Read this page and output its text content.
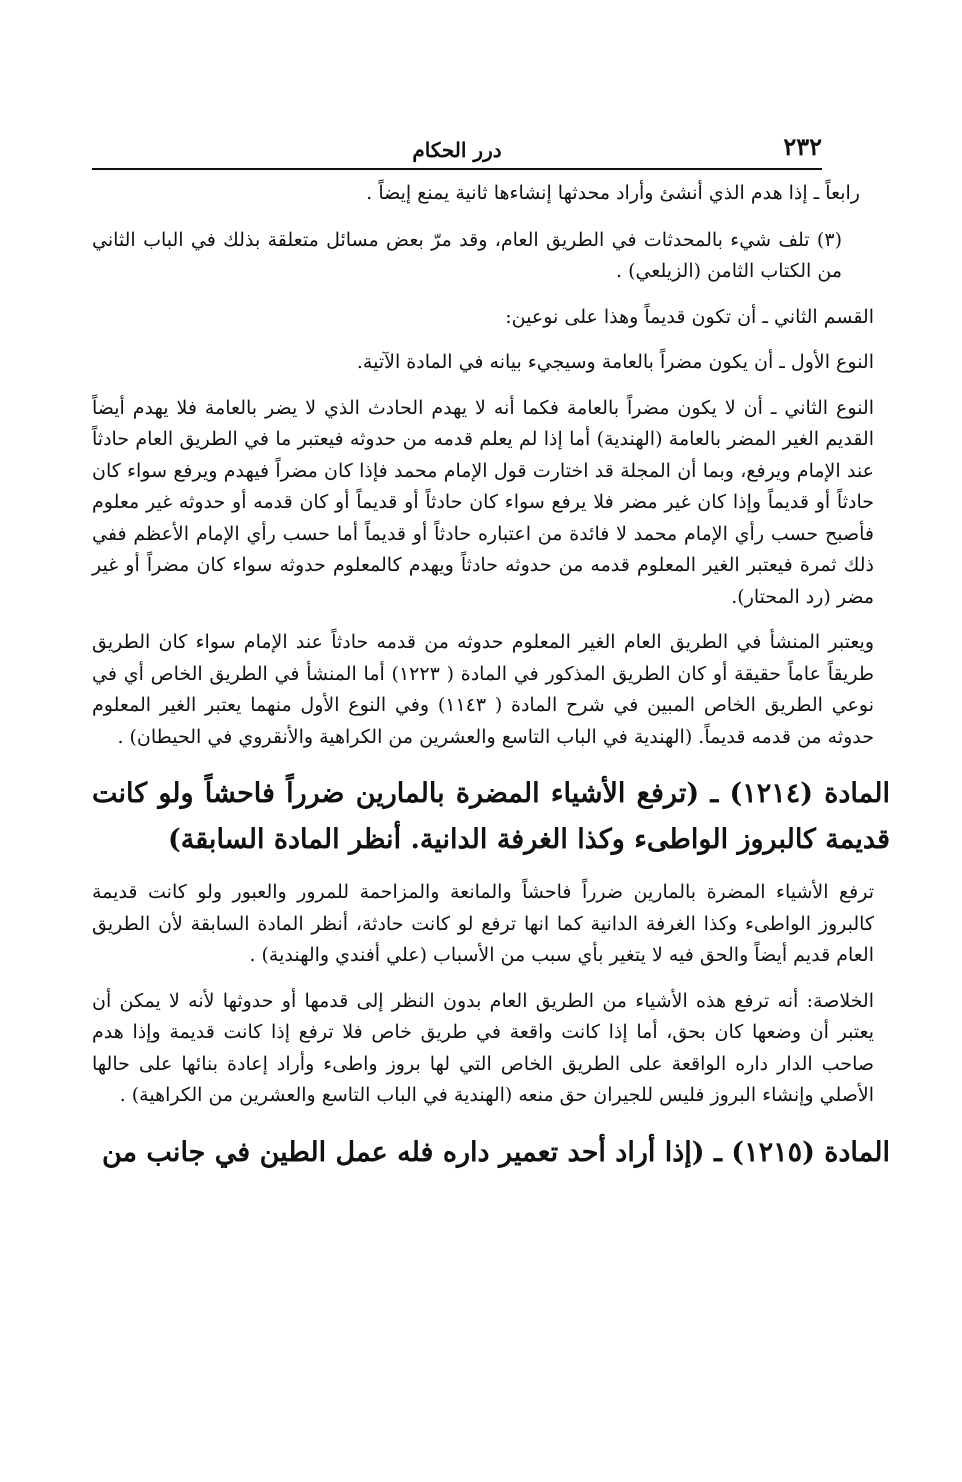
٢٣٢
درر الحكام

رابعاً ـ إذا هدم الذي أنشئ وأراد محدثها إنشاءها ثانية يمنع إيضاً .

(٣) تلف شيء بالمحدثات في الطريق العام، وقد مرّ بعض مسائل متعلقة بذلك في الباب الثاني من الكتاب الثامن (الزيلعي) .

القسم الثاني ـ أن تكون قديماً وهذا على نوعين:

النوع الأول ـ أن يكون مضراً بالعامة وسيجيء بيانه في المادة الآتية.

النوع الثاني ـ أن لا يكون مضراً بالعامة فكما أنه لا يهدم الحادث الذي لا يضر بالعامة فلا يهدم أيضاً القديم الغير المضر بالعامة (الهندية) أما إذا لم يعلم قدمه من حدوثه فيعتبر ما في الطريق العام حادثاً عند الإمام ويرفع، وبما أن المجلة قد اختارت قول الإمام محمد فإذا كان مضراً فيهدم ويرفع سواء كان حادثاً أو قديماً وإذا كان غير مضر فلا يرفع سواء كان حادثاً أو قديماً أو كان قدمه أو حدوثه غير معلوم فأصبح حسب رأي الإمام محمد لا فائدة من اعتباره حادثاً أو قديماً أما حسب رأي الإمام الأعظم ففي ذلك ثمرة فيعتبر الغير المعلوم قدمه من حدوثه حادثاً ويهدم كالمعلوم حدوثه سواء كان مضراً أو غير مضر (رد المحتار).

ويعتبر المنشأ في الطريق العام الغير المعلوم حدوثه من قدمه حادثاً عند الإمام سواء كان الطريق طريقاً عاماً حقيقة أو كان الطريق المذكور في المادة ( ١٢٢٣) أما المنشأ في الطريق الخاص أي في نوعي الطريق الخاص المبين في شرح المادة ( ١١٤٣) وفي النوع الأول منهما يعتبر الغير المعلوم حدوثه من قدمه قديماً. (الهندية في الباب التاسع والعشرين من الكراهية والأنقروي في الحيطان) .

المادة (١٢١٤) ـ (ترفع الأشياء المضرة بالمارين ضرراً فاحشاً ولو كانت قديمة كالبروز الواطىء وكذا الغرفة الدانية. أنظر المادة السابقة)

ترفع الأشياء المضرة بالمارين ضرراً فاحشاً والمانعة والمزاحمة للمرور والعبور ولو كانت قديمة كالبروز الواطىء وكذا الغرفة الدانية كما انها ترفع لو كانت حادثة، أنظر المادة السابقة لأن الطريق العام قديم أيضاً والحق فيه لا يتغير بأي سبب من الأسباب (علي أفندي والهندية) .

الخلاصة: أنه ترفع هذه الأشياء من الطريق العام بدون النظر إلى قدمها أو حدوثها لأنه لا يمكن أن يعتبر أن وضعها كان بحق، أما إذا كانت واقعة في طريق خاص فلا ترفع إذا كانت قديمة وإذا هدم صاحب الدار داره الواقعة على الطريق الخاص التي لها بروز واطىء وأراد إعادة بنائها على حالها الأصلي وإنشاء البروز فليس للجيران حق منعه (الهندية في الباب التاسع والعشرين من الكراهية) .

المادة (١٢١٥) ـ (إذا أراد أحد تعمير داره فله عمل الطين في جانب من
